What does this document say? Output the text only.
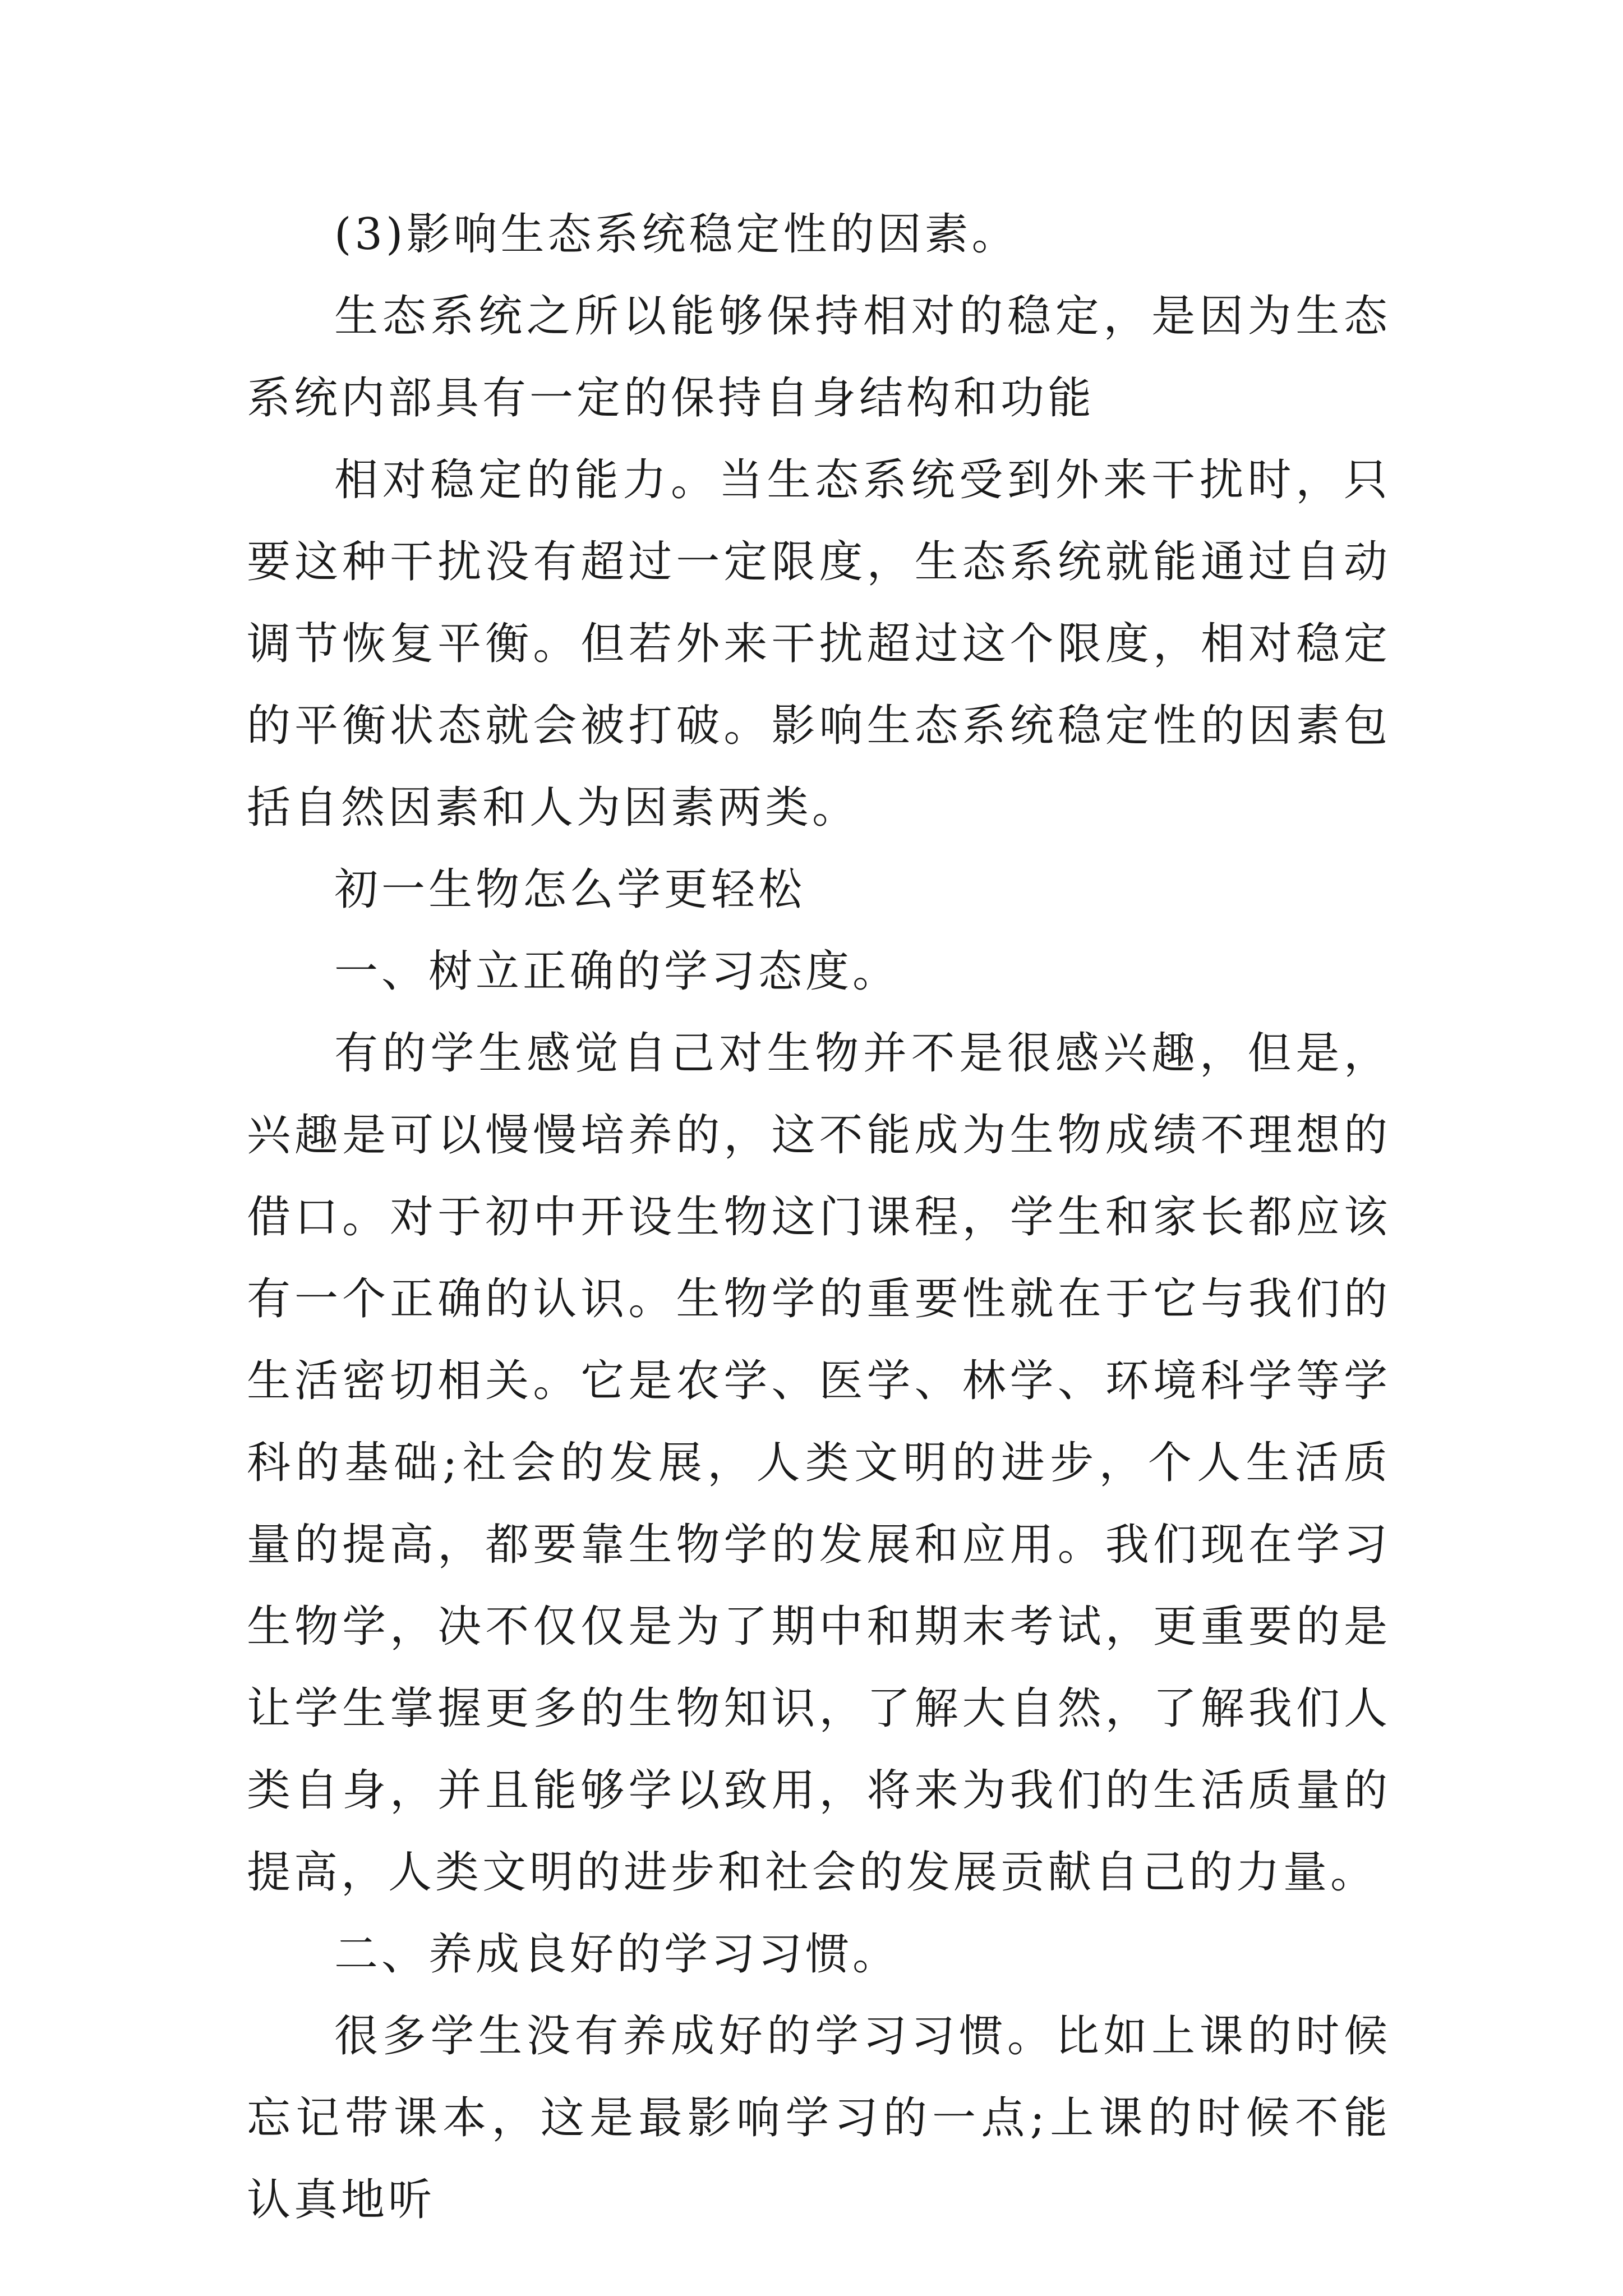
(3)影响生态系统稳定性的因素。

生态系统之所以能够保持相对的稳定，是因为生态系统内部具有一定的保持自身结构和功能

相对稳定的能力。当生态系统受到外来干扰时，只要这种干扰没有超过一定限度，生态系统就能通过自动调节恢复平衡。但若外来干扰超过这个限度，相对稳定的平衡状态就会被打破。影响生态系统稳定性的因素包括自然因素和人为因素两类。

初一生物怎么学更轻松

一、树立正确的学习态度。

有的学生感觉自己对生物并不是很感兴趣，但是，兴趣是可以慢慢培养的，这不能成为生物成绩不理想的借口。对于初中开设生物这门课程，学生和家长都应该有一个正确的认识。生物学的重要性就在于它与我们的生活密切相关。它是农学、医学、林学、环境科学等学科的基础;社会的发展，人类文明的进步，个人生活质量的提高，都要靠生物学的发展和应用。我们现在学习生物学，决不仅仅是为了期中和期末考试，更重要的是让学生掌握更多的生物知识，了解大自然，了解我们人类自身，并且能够学以致用，将来为我们的生活质量的提高，人类文明的进步和社会的发展贡献自己的力量。

二、养成良好的学习习惯。

很多学生没有养成好的学习习惯。比如上课的时候忘记带课本，这是最影响学习的一点;上课的时候不能认真地听
